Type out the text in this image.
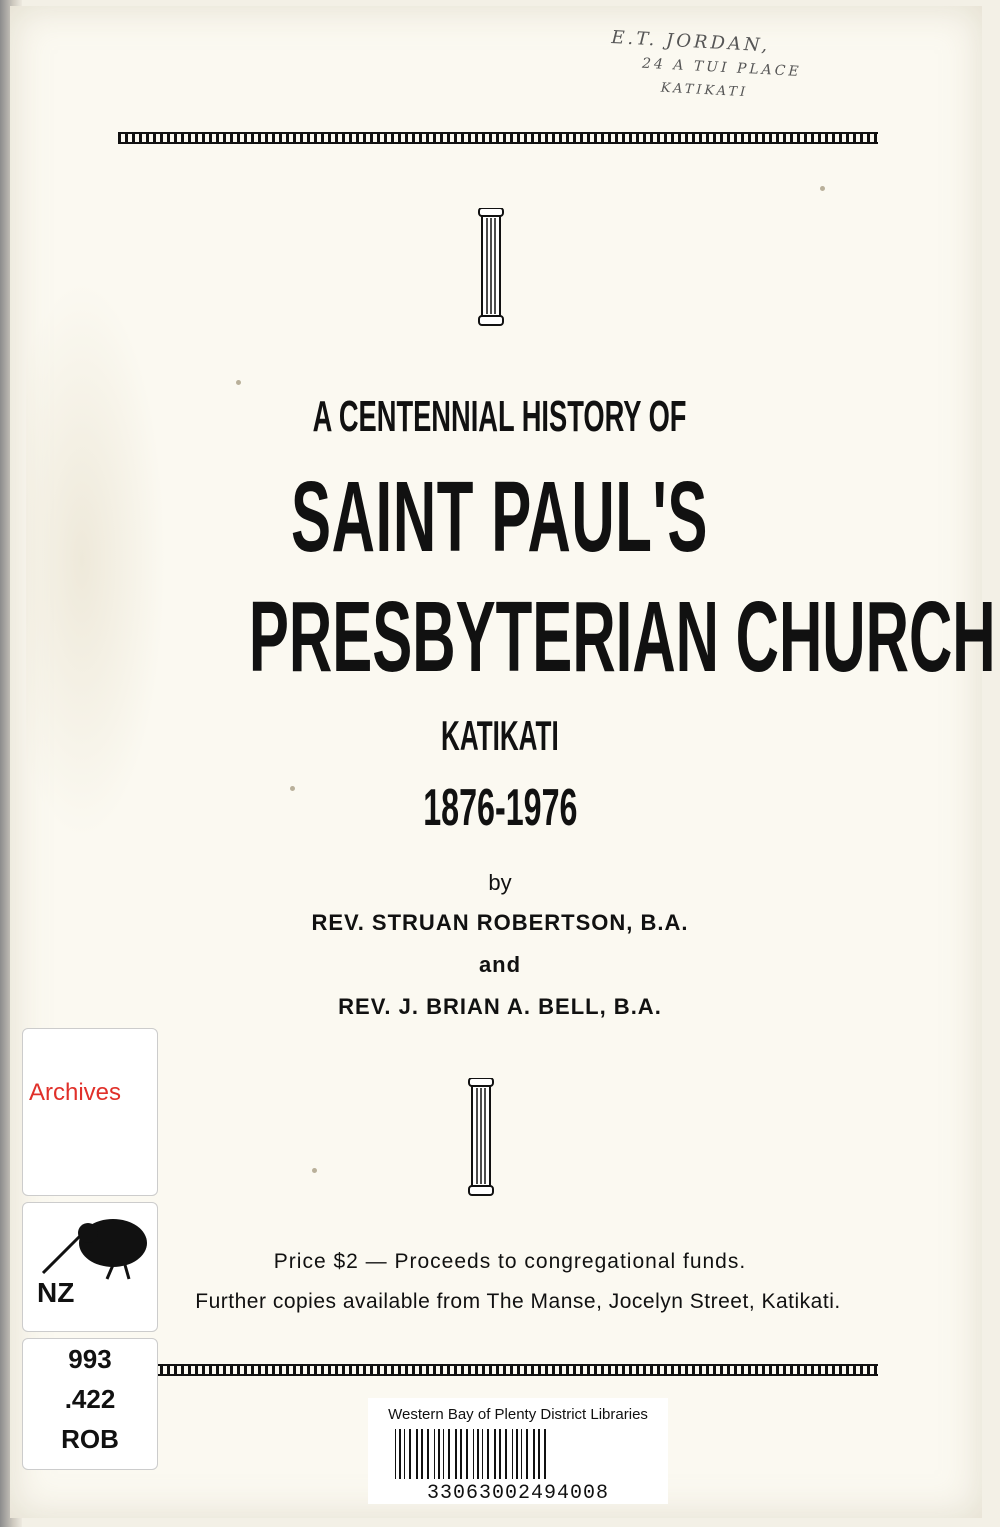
E.T. JORDAN,
24 A TUI PLACE
KATIKATI
A CENTENNIAL HISTORY OF
SAINT PAUL'S
PRESBYTERIAN CHURCH
KATIKATI
1876-1976
by
REV. STRUAN ROBERTSON, B.A.
and
REV. J. BRIAN A. BELL, B.A.
Price $2 — Proceeds to congregational funds.
Further copies available from The Manse, Jocelyn Street, Katikati.
Archives
NZ
993
.422
ROB
Western Bay of Plenty District Libraries
33063002494008
